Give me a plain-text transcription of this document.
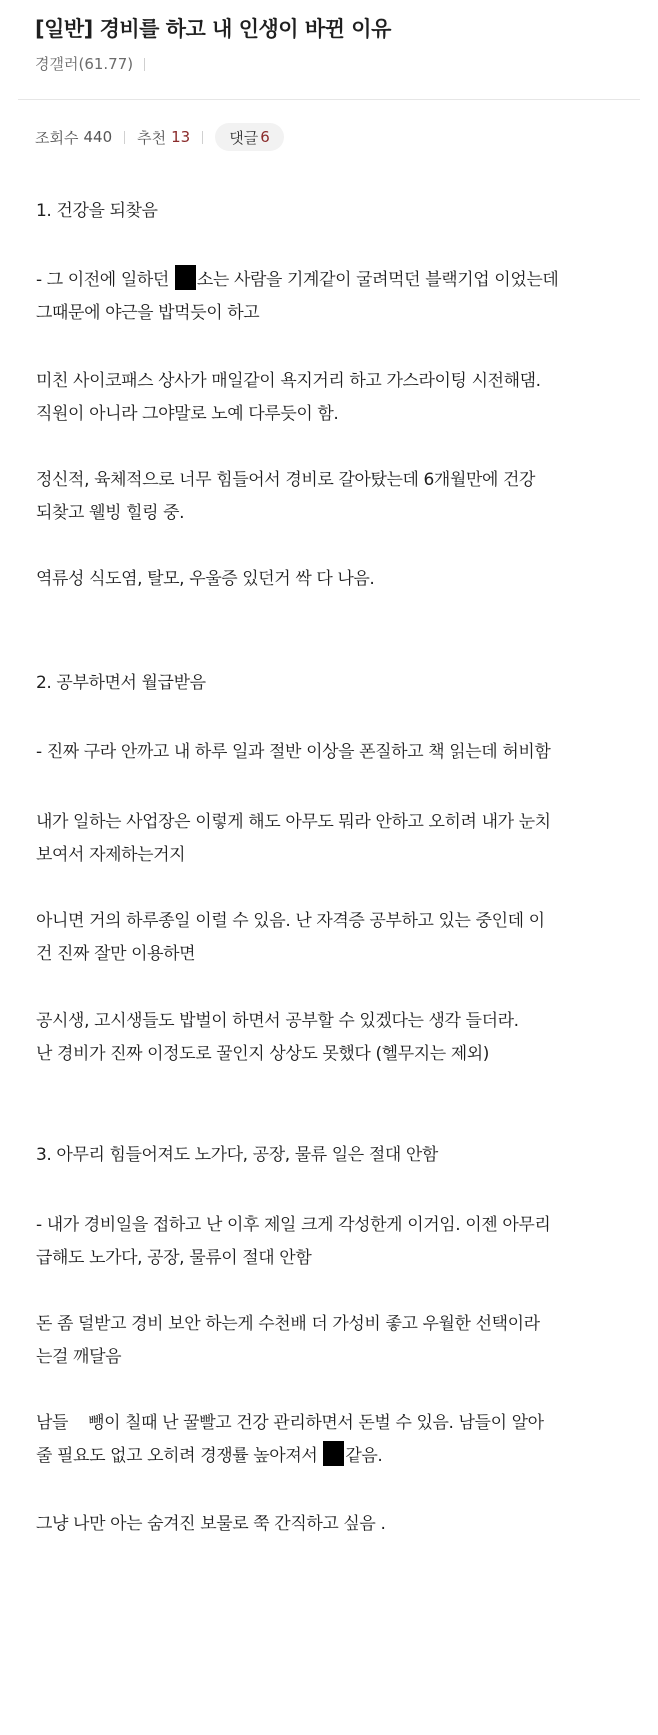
[일반] 경비를 하고 내 인생이 바뀐 이유
경갤러(61.77)
조회수 440 추천 13	댓글 6
1. 건강을 되찾음
- 그 이전에 일하던 소는 사람을 기계같이 굴려먹던 블랙기업 이었는데
그때문에 야근을 밥먹듯이 하고
미친 사이코패스 상사가 매일같이 욕지거리 하고 가스라이팅 시전해댐.
직원이 아니라 그야말로 노예 다루듯이 함.
정신적, 육체적으로 너무 힘들어서 경비로 갈아탔는데 6개월만에 건강
되찾고 웰빙 힐링 중.
역류성 식도염, 탈모, 우울증 있던거 싹 다 나음.
2. 공부하면서 월급받음
- 진짜 구라 안까고 내 하루 일과 절반 이상을 폰질하고 책 읽는데 허비함
내가 일하는 사업장은 이렇게 해도 아무도 뭐라 안하고 오히려 내가 눈치
보여서 자제하는거지
아니면 거의 하루종일 이럴 수 있음. 난 자격증 공부하고 있는 중인데 이
건 진짜 잘만 이용하면
공시생, 고시생들도 밥벌이 하면서 공부할 수 있겠다는 생각 들더라.
난 경비가 진짜 이정도로 꿀인지 상상도 못했다 (헬무지는 제외)
3. 아무리 힘들어져도 노가다, 공장, 물류 일은 절대 안함
- 내가 경비일을 접하고 난 이후 제일 크게 각성한게 이거임. 이젠 아무리
급해도 노가다, 공장, 물류이 절대 안함
돈 좀 덜받고 경비 보안 하는게 수천배 더 가성비 좋고 우월한 선택이라
는걸 깨달음
남들    뺑이 칠때 난 꿀빨고 건강 관리하면서 돈벌 수 있음. 남들이 알아
줄 필요도 없고 오히려 경쟁률 높아져서 같음.
그냥 나만 아는 숨겨진 보물로 쭉 간직하고 싶음 .
